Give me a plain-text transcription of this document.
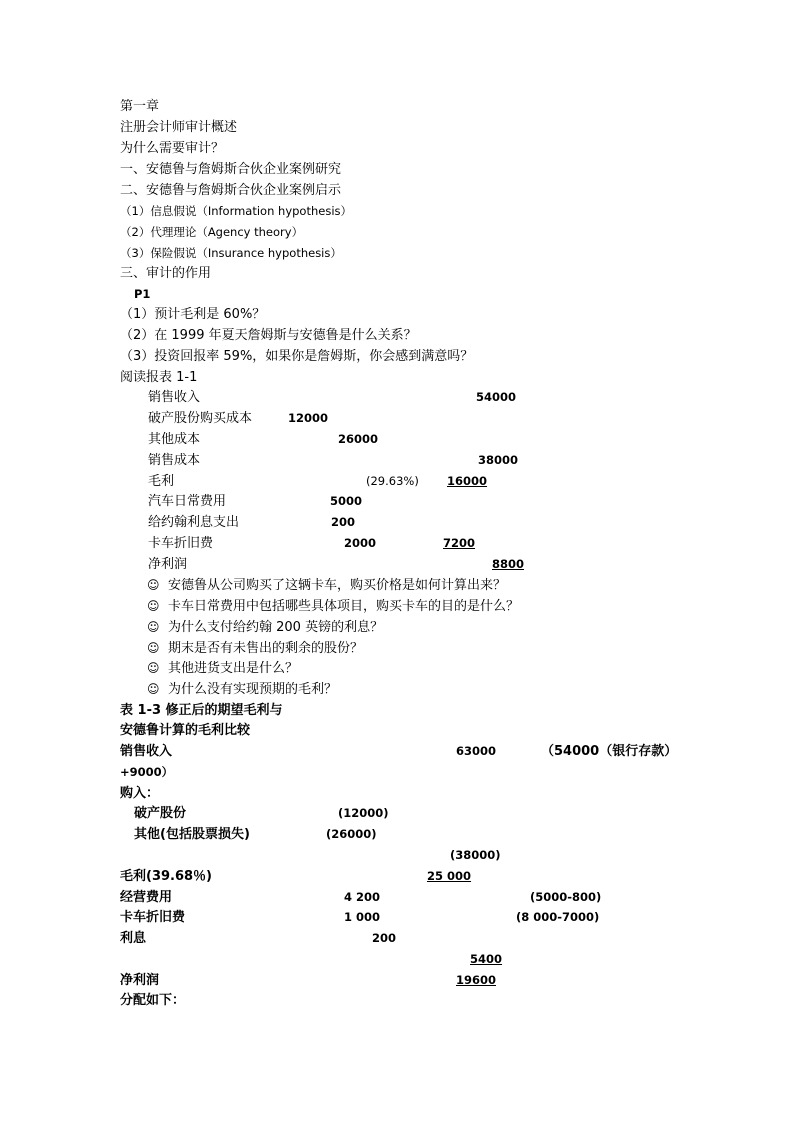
第一章
注册会计师审计概述
为什么需要审计？
一、安德鲁与詹姆斯合伙企业案例研究
二、安德鲁与詹姆斯合伙企业案例启示
（1）信息假说（Information hypothesis）
（2）代理理论（Agency theory）
（3）保险假说（Insurance hypothesis）
三、审计的作用
P1
（1）预计毛利是 60%？
（2）在 1999 年夏天詹姆斯与安德鲁是什么关系？
（3）投资回报率 59%，如果你是詹姆斯，你会感到满意吗？
阅读报表 1-1
销售收入	54000
破产股份购买成本	12000
其他成本	26000
销售成本	38000
毛利	(29.63%) 16000
汽车日常费用	5000
给约翰利息支出	200
卡车折旧费	2000	7200
净利润	8800
☺ 安德鲁从公司购买了这辆卡车，购买价格是如何计算出来？
☺ 卡车日常费用中包括哪些具体项目，购买卡车的目的是什么？
☺ 为什么支付给约翰 200 英镑的利息？
☺ 期末是否有未售出的剩余的股份？
☺ 其他进货支出是什么？
☺ 为什么没有实现预期的毛利？
表 1-3 修正后的期望毛利与
安德鲁计算的毛利比较
销售收入	63000	（54000（银行存款）
+9000）
购入：
破产股份	(12000)
其他(包括股票损失)	(26000)
(38000)
毛利(39.68％)	25 000
经营费用	4 200	(5000-800)
卡车折旧费	1 000	(8 000-7000)
利息	200
5400
净利润	19600
分配如下：
